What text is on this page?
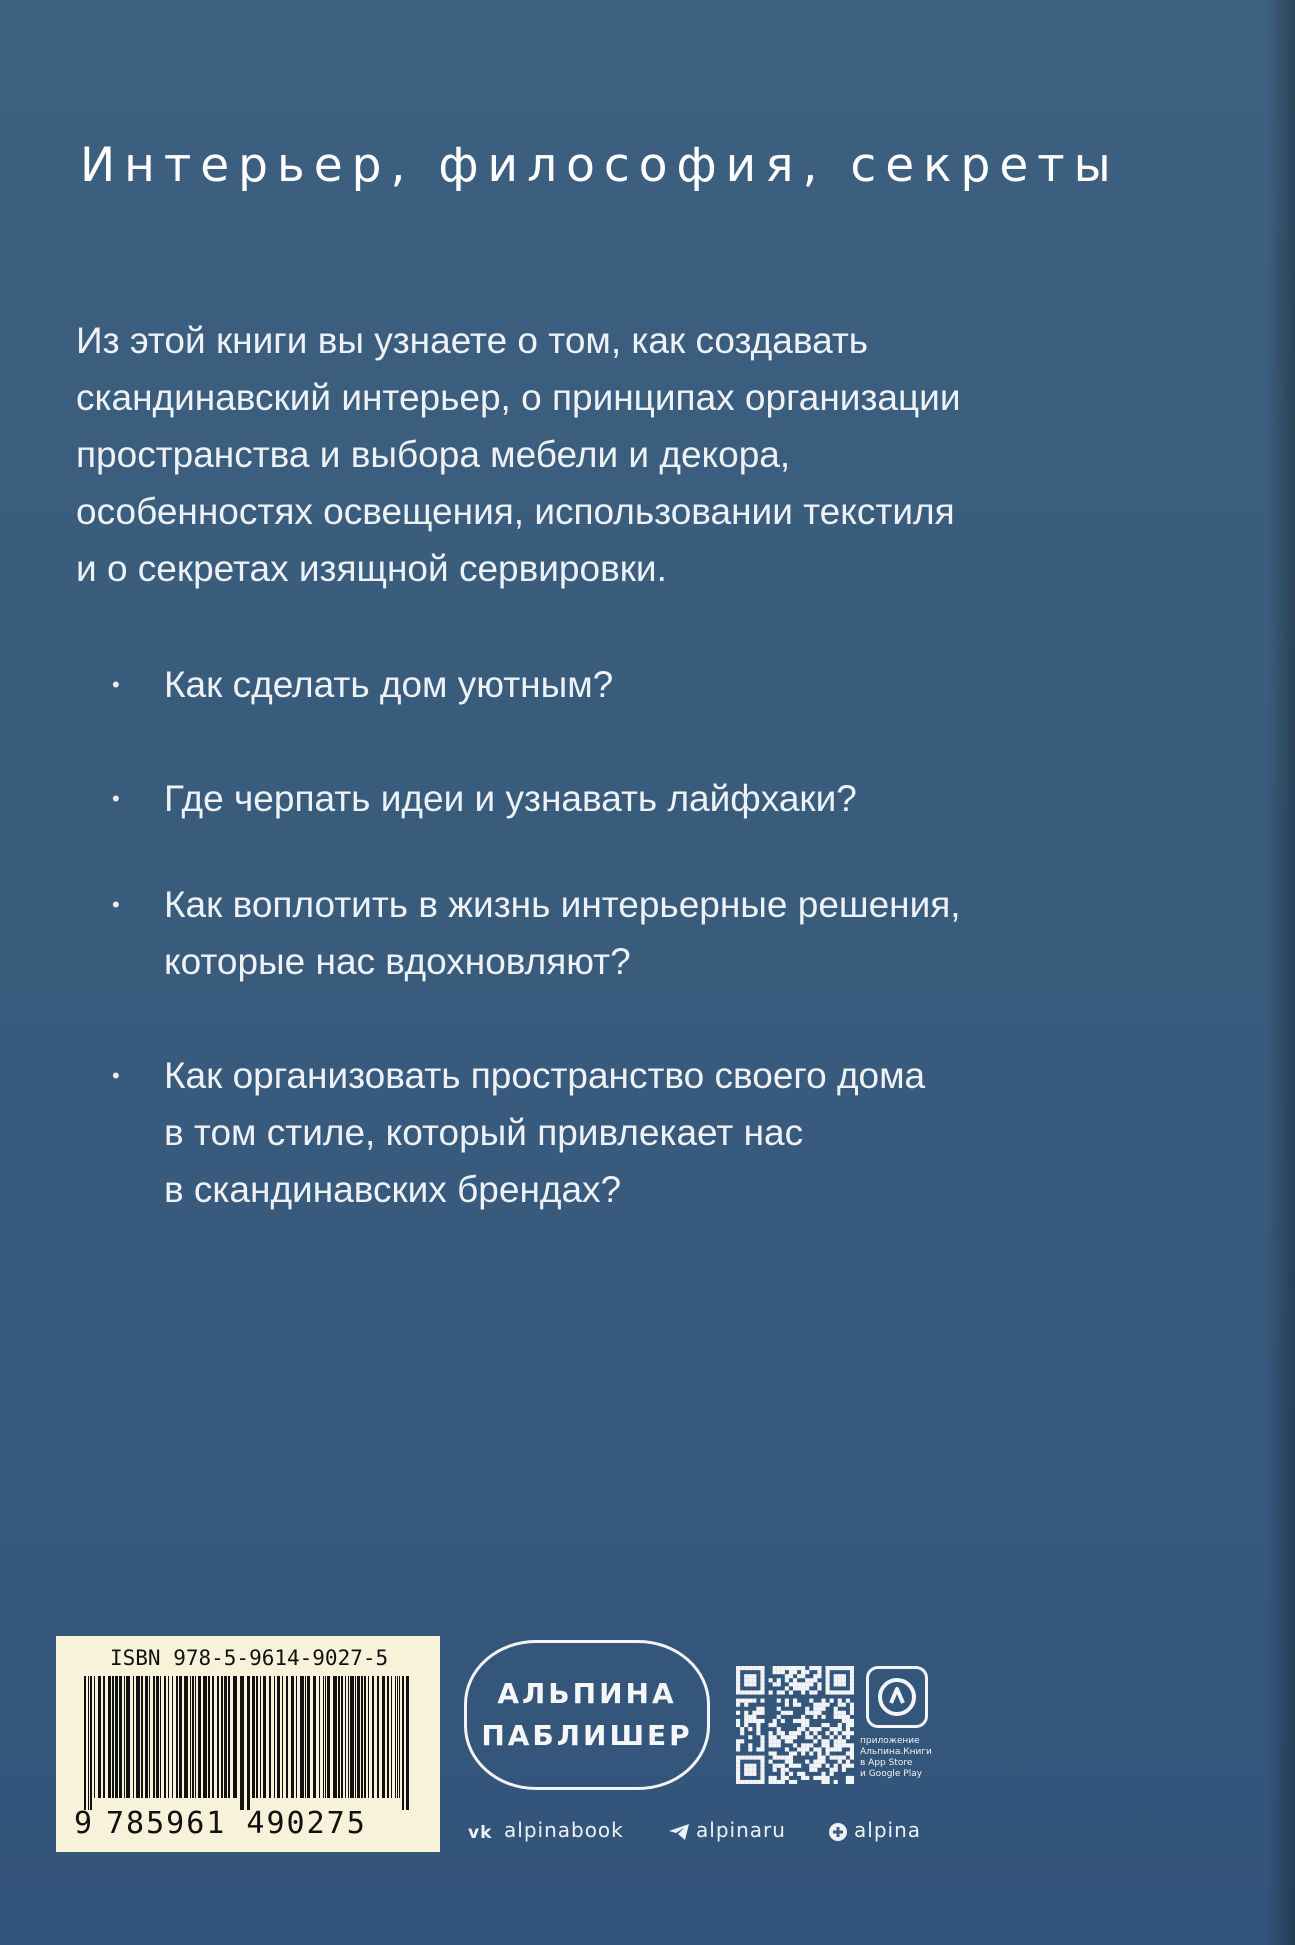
Интерьер, философия, секреты
Из этой книги вы узнаете о том, как создавать
скандинавский интерьер, о принципах организации
пространства и выбора мебели и декора,
особенностях освещения, использовании текстиля
и о секретах изящной сервировки.
• Как сделать дом уютным?
• Где черпать идеи и узнавать лайфхаки?
• Как воплотить в жизнь интерьерные решения,
которые нас вдохновляют?
• Как организовать пространство своего дома
в том стиле, который привлекает нас
в скандинавских брендах?
ISBN 978-5-9614-9027-5
9 785961 490275
АЛЬПИНА
ПАБЛИШЕР	приложение
Альпина.Книги
в App Store
и Google Play
vk alpinabook	alpinaru	alpina
